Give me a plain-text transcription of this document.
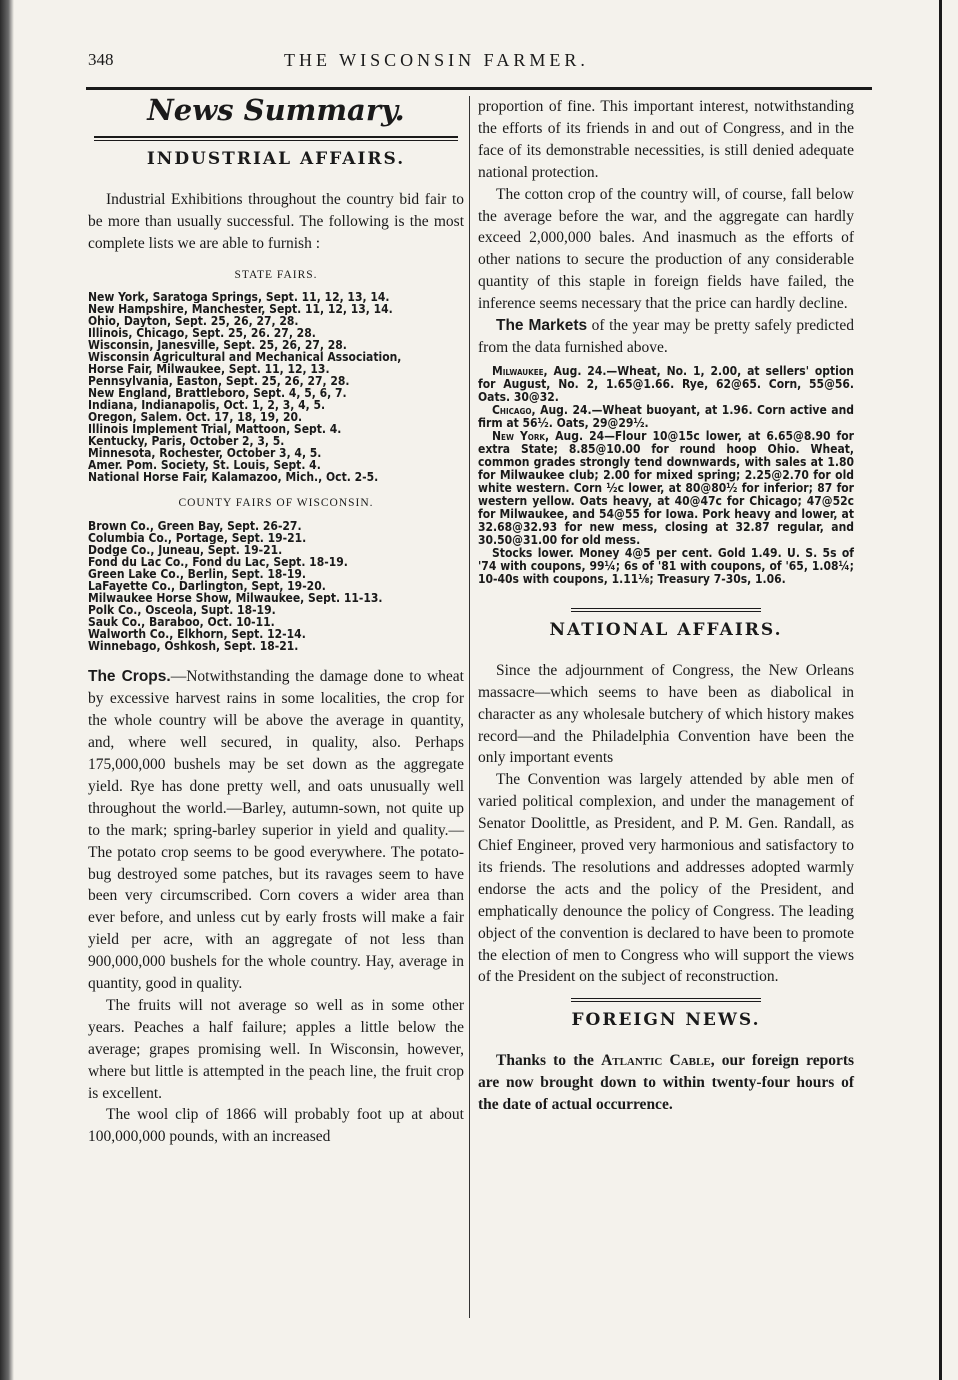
348	THE WISCONSIN FARMER.
News Summary.
INDUSTRIAL AFFAIRS.

Industrial Exhibitions throughout the country bid fair to be more than usually successful. The following is the most complete lists we are able to furnish :

STATE FAIRS.
New York, Saratoga Springs, Sept. 11, 12, 13, 14.
New Hampshire, Manchester, Sept. 11, 12, 13, 14.
Ohio, Dayton, Sept. 25, 26, 27, 28.
Illinois, Chicago, Sept. 25, 26. 27, 28.
Wisconsin, Janesville, Sept. 25, 26, 27, 28.
Wisconsin Agricultural and Mechanical Association,
Horse Fair, Milwaukee, Sept. 11, 12, 13.
Pennsylvania, Easton, Sept. 25, 26, 27, 28.
New England, Brattleboro, Sept. 4, 5, 6, 7.
Indiana, Indianapolis, Oct. 1, 2, 3, 4, 5.
Oregon, Salem. Oct. 17, 18, 19, 20.
Illinois Implement Trial, Mattoon, Sept. 4.
Kentucky, Paris, October 2, 3, 5.
Minnesota, Rochester, October 3, 4, 5.
Amer. Pom. Society, St. Louis, Sept. 4.
National Horse Fair, Kalamazoo, Mich., Oct. 2-5.
COUNTY FAIRS OF WISCONSIN.
Brown Co., Green Bay, Sept. 26-27.
Columbia Co., Portage, Sept. 19-21.
Dodge Co., Juneau, Sept. 19-21.
Fond du Lac Co., Fond du Lac, Sept. 18-19.
Green Lake Co., Berlin, Sept. 18-19.
LaFayette Co., Darlington, Sept, 19-20.
Milwaukee Horse Show, Milwaukee, Sept. 11-13.
Polk Co., Osceola, Supt. 18-19.
Sauk Co., Baraboo, Oct. 10-11.
Walworth Co., Elkhorn, Sept. 12-14.
Winnebago, Oshkosh, Sept. 18-21.

The Crops.—Notwithstanding the damage done to wheat by excessive harvest rains in some localities, the crop for the whole country will be above the average in quantity, and, where well secured, in quality, also. Perhaps 175,000,000 bushels may be set down as the aggregate yield. Rye has done pretty well, and oats unusually well throughout the world.—Barley, autumn-sown, not quite up to the mark; spring-barley superior in yield and quality.—The potato crop seems to be good everywhere. The potato-bug destroyed some patches, but its ravages seem to have been very circumscribed. Corn covers a wider area than ever before, and unless cut by early frosts will make a fair yield per acre, with an aggregate of not less than 900,000,000 bushels for the whole country. Hay, average in quantity, good in quality.

The fruits will not average so well as in some other years. Peaches a half failure; apples a little below the average; grapes promising well. In Wisconsin, however, where but little is attempted in the peach line, the fruit crop is excellent.

The wool clip of 1866 will probably foot up at about 100,000,000 pounds, with an increased

proportion of fine. This important interest, notwithstanding the efforts of its friends in and out of Congress, and in the face of its demonstrable necessities, is still denied adequate national protection.

The cotton crop of the country will, of course, fall below the average before the war, and the aggregate can hardly exceed 2,000,000 bales. And inasmuch as the efforts of other nations to secure the production of any considerable quantity of this staple in foreign fields have failed, the inference seems necessary that the price can hardly decline.

The Markets of the year may be pretty safely predicted from the data furnished above.

Milwaukee, Aug. 24.—Wheat, No. 1, 2.00, at sellers' option for August, No. 2, 1.65@1.66. Rye, 62@65. Corn, 55@56. Oats. 30@32.

Chicago, Aug. 24.—Wheat buoyant, at 1.96. Corn active and firm at 56½. Oats, 29@29½.

New York, Aug. 24—Flour 10@15c lower, at 6.65@8.90 for extra State; 8.85@10.00 for round hoop Ohio. Wheat, common grades strongly tend downwards, with sales at 1.80 for Milwaukee club; 2.00 for mixed spring; 2.25@2.70 for old white western. Corn ½c lower, at 80@80½ for inferior; 87 for western yellow. Oats heavy, at 40@47c for Chicago; 47@52c for Milwaukee, and 54@55 for Iowa. Pork heavy and lower, at 32.68@32.93 for new mess, closing at 32.87 regular, and 30.50@31.00 for old mess.

Stocks lower. Money 4@5 per cent. Gold 1.49. U. S. 5s of '74 with coupons, 99¼; 6s of '81 with coupons, of '65, 1.08¼; 10-40s with coupons, 1.11⅛; Treasury 7-30s, 1.06.

NATIONAL AFFAIRS.

Since the adjournment of Congress, the New Orleans massacre—which seems to have been as diabolical in character as any wholesale butchery of which history makes record—and the Philadelphia Convention have been the only important events

The Convention was largely attended by able men of varied political complexion, and under the management of Senator Doolittle, as President, and P. M. Gen. Randall, as Chief Engineer, proved very harmonious and satisfactory to its friends. The resolutions and addresses adopted warmly endorse the acts and the policy of the President, and emphatically denounce the policy of Congress. The leading object of the convention is declared to have been to promote the election of men to Congress who will support the views of the President on the subject of reconstruction.

FOREIGN NEWS.

Thanks to the Atlantic Cable, our foreign reports are now brought down to within twenty-four hours of the date of actual occurrence.
